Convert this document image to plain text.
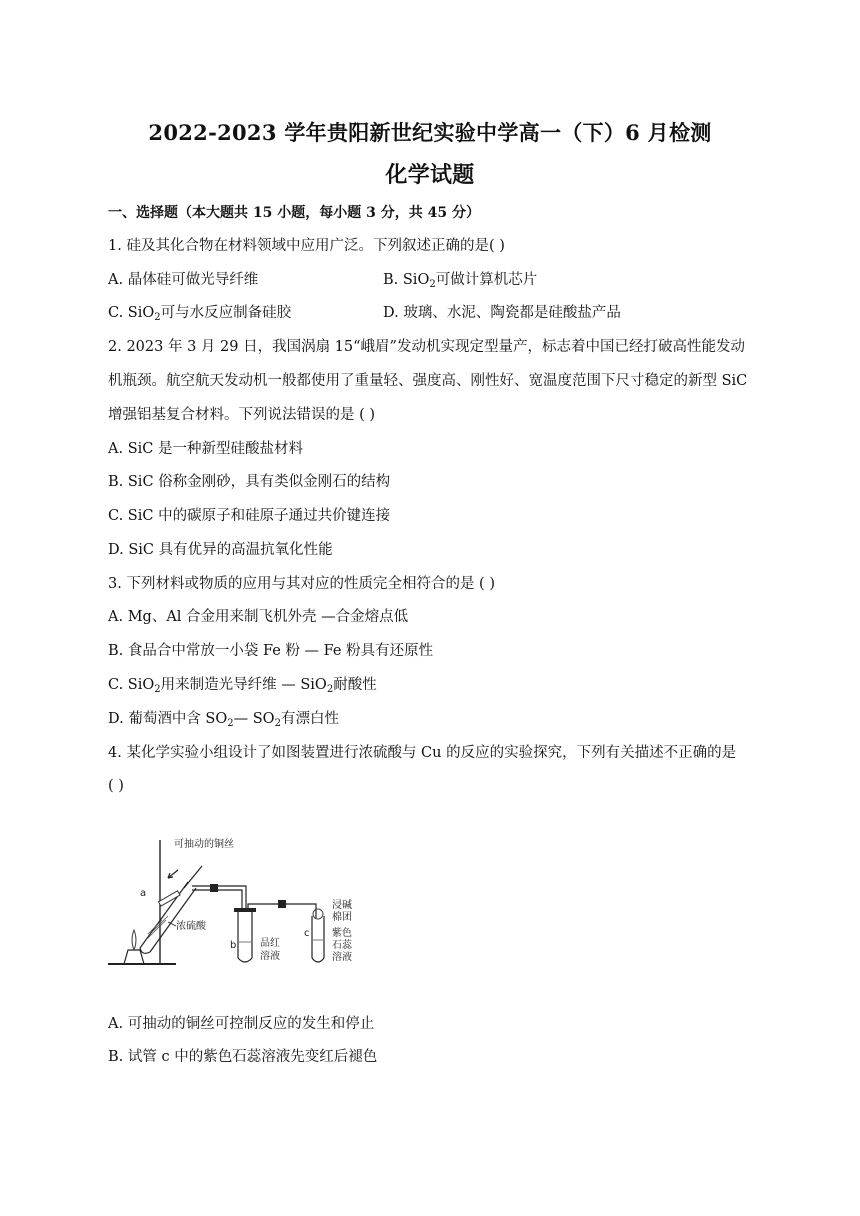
2022-2023 学年贵阳新世纪实验中学高一（下）6 月检测
化学试题
一、选择题（本大题共 15 小题，每小题 3 分，共 45 分）
1. 硅及其化合物在材料领域中应用广泛。下列叙述正确的是( )
A. 晶体硅可做光导纤维	B. SiO$_2$可做计算机芯片
C. SiO$_2$可与水反应制备硅胶	D. 玻璃、水泥、陶瓷都是硅酸盐产品
2. 2023 年 3 月 29 日，我国涡扇 15“峨眉”发动机实现定型量产，标志着中国已经打破高性能发动
机瓶颈。航空航天发动机一般都使用了重量轻、强度高、刚性好、宽温度范围下尺寸稳定的新型 SiC
增强铝基复合材料。下列说法错误的是 ( )
A. SiC 是一种新型硅酸盐材料
B. SiC 俗称金刚砂，具有类似金刚石的结构
C. SiC 中的碳原子和硅原子通过共价键连接
D. SiC 具有优异的高温抗氧化性能
3. 下列材料或物质的应用与其对应的性质完全相符合的是 ( )
A. Mg、Al 合金用来制飞机外壳 —合金熔点低
B. 食品合中常放一小袋 Fe 粉 — Fe 粉具有还原性
C. SiO$_2$用来制造光导纤维 — SiO$_2$耐酸性
D. 葡萄酒中含 $SO_2—$ $SO_2$有漂白性
4. 某化学实验小组设计了如图装置进行浓硫酸与 Cu 的反应的实验探究，下列有关描述不正确的是
( )
可抽动的铜丝
a
浓硫酸
b 品红
溶液
c
浸碱
棉团
紫色
石蕊
溶液
A. 可抽动的铜丝可控制反应的发生和停止
B. 试管 c 中的紫色石蕊溶液先变红后褪色
